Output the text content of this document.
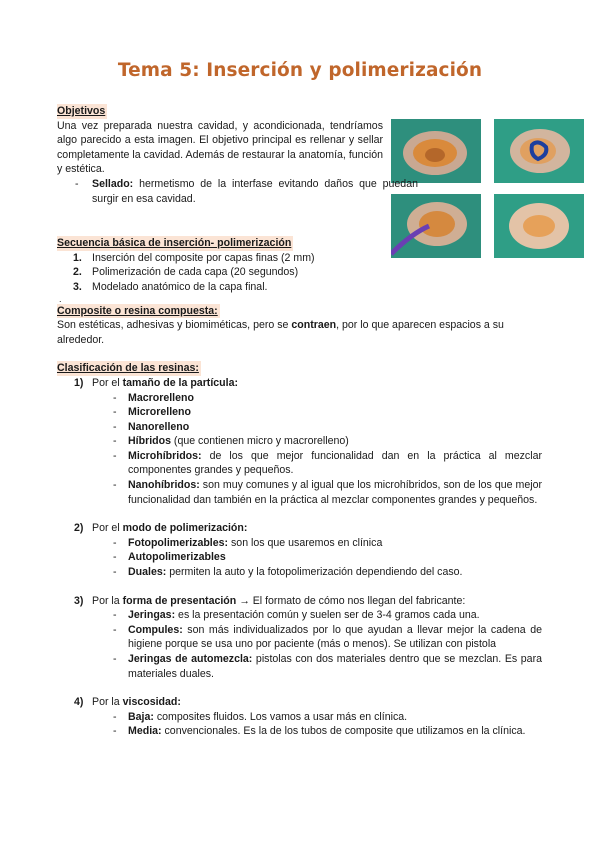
Tema 5: Inserción y polimerización
Objetivos

Una vez preparada nuestra cavidad, y acondicionada, tendríamos algo parecido a esta imagen. El objetivo principal es rellenar y sellar completamente la cavidad. Además de restaurar la anatomía, función y estética.

- Sellado: hermetismo de la interfase evitando daños que puedan surgir en esa cavidad.
Secuencia básica de inserción- polimerización
1. Inserción del composite por capas finas (2 mm)
2. Polimerización de cada capa (20 segundos)
3. Modelado anatómico de la capa final.
Composite o resina compuesta:

Son estéticas, adhesivas y biomiméticas, pero se contraen, por lo que aparecen espacios a su alrededor.

Clasificación de las resinas:
1) Por el tamaño de la partícula:
- Macrorelleno
- Microrelleno
- Nanorelleno
- Híbridos (que contienen micro y macrorelleno)
- Microhíbridos: de los que mejor funcionalidad dan en la práctica al mezclar componentes grandes y pequeños.
- Nanohíbridos: son muy comunes y al igual que los microhíbridos, son de los que mejor funcionalidad dan también en la práctica al mezclar componentes grandes y pequeños.
2) Por el modo de polimerización:
- Fotopolimerizables: son los que usaremos en clínica
- Autopolimerizables
- Duales: permiten la auto y la fotopolimerización dependiendo del caso.
3) Por la forma de presentación → El formato de cómo nos llegan del fabricante:
- Jeringas: es la presentación común y suelen ser de 3-4 gramos cada una.
- Compules: son más individualizados por lo que ayudan a llevar mejor la cadena de higiene porque se usa uno por paciente (más o menos). Se utilizan con pistola
- Jeringas de automezcla: pistolas con dos materiales dentro que se mezclan. Es para materiales duales.
4) Por la viscosidad:
- Baja: composites fluidos. Los vamos a usar más en clínica.
- Media: convencionales. Es la de los tubos de composite que utilizamos en la clínica.
.
